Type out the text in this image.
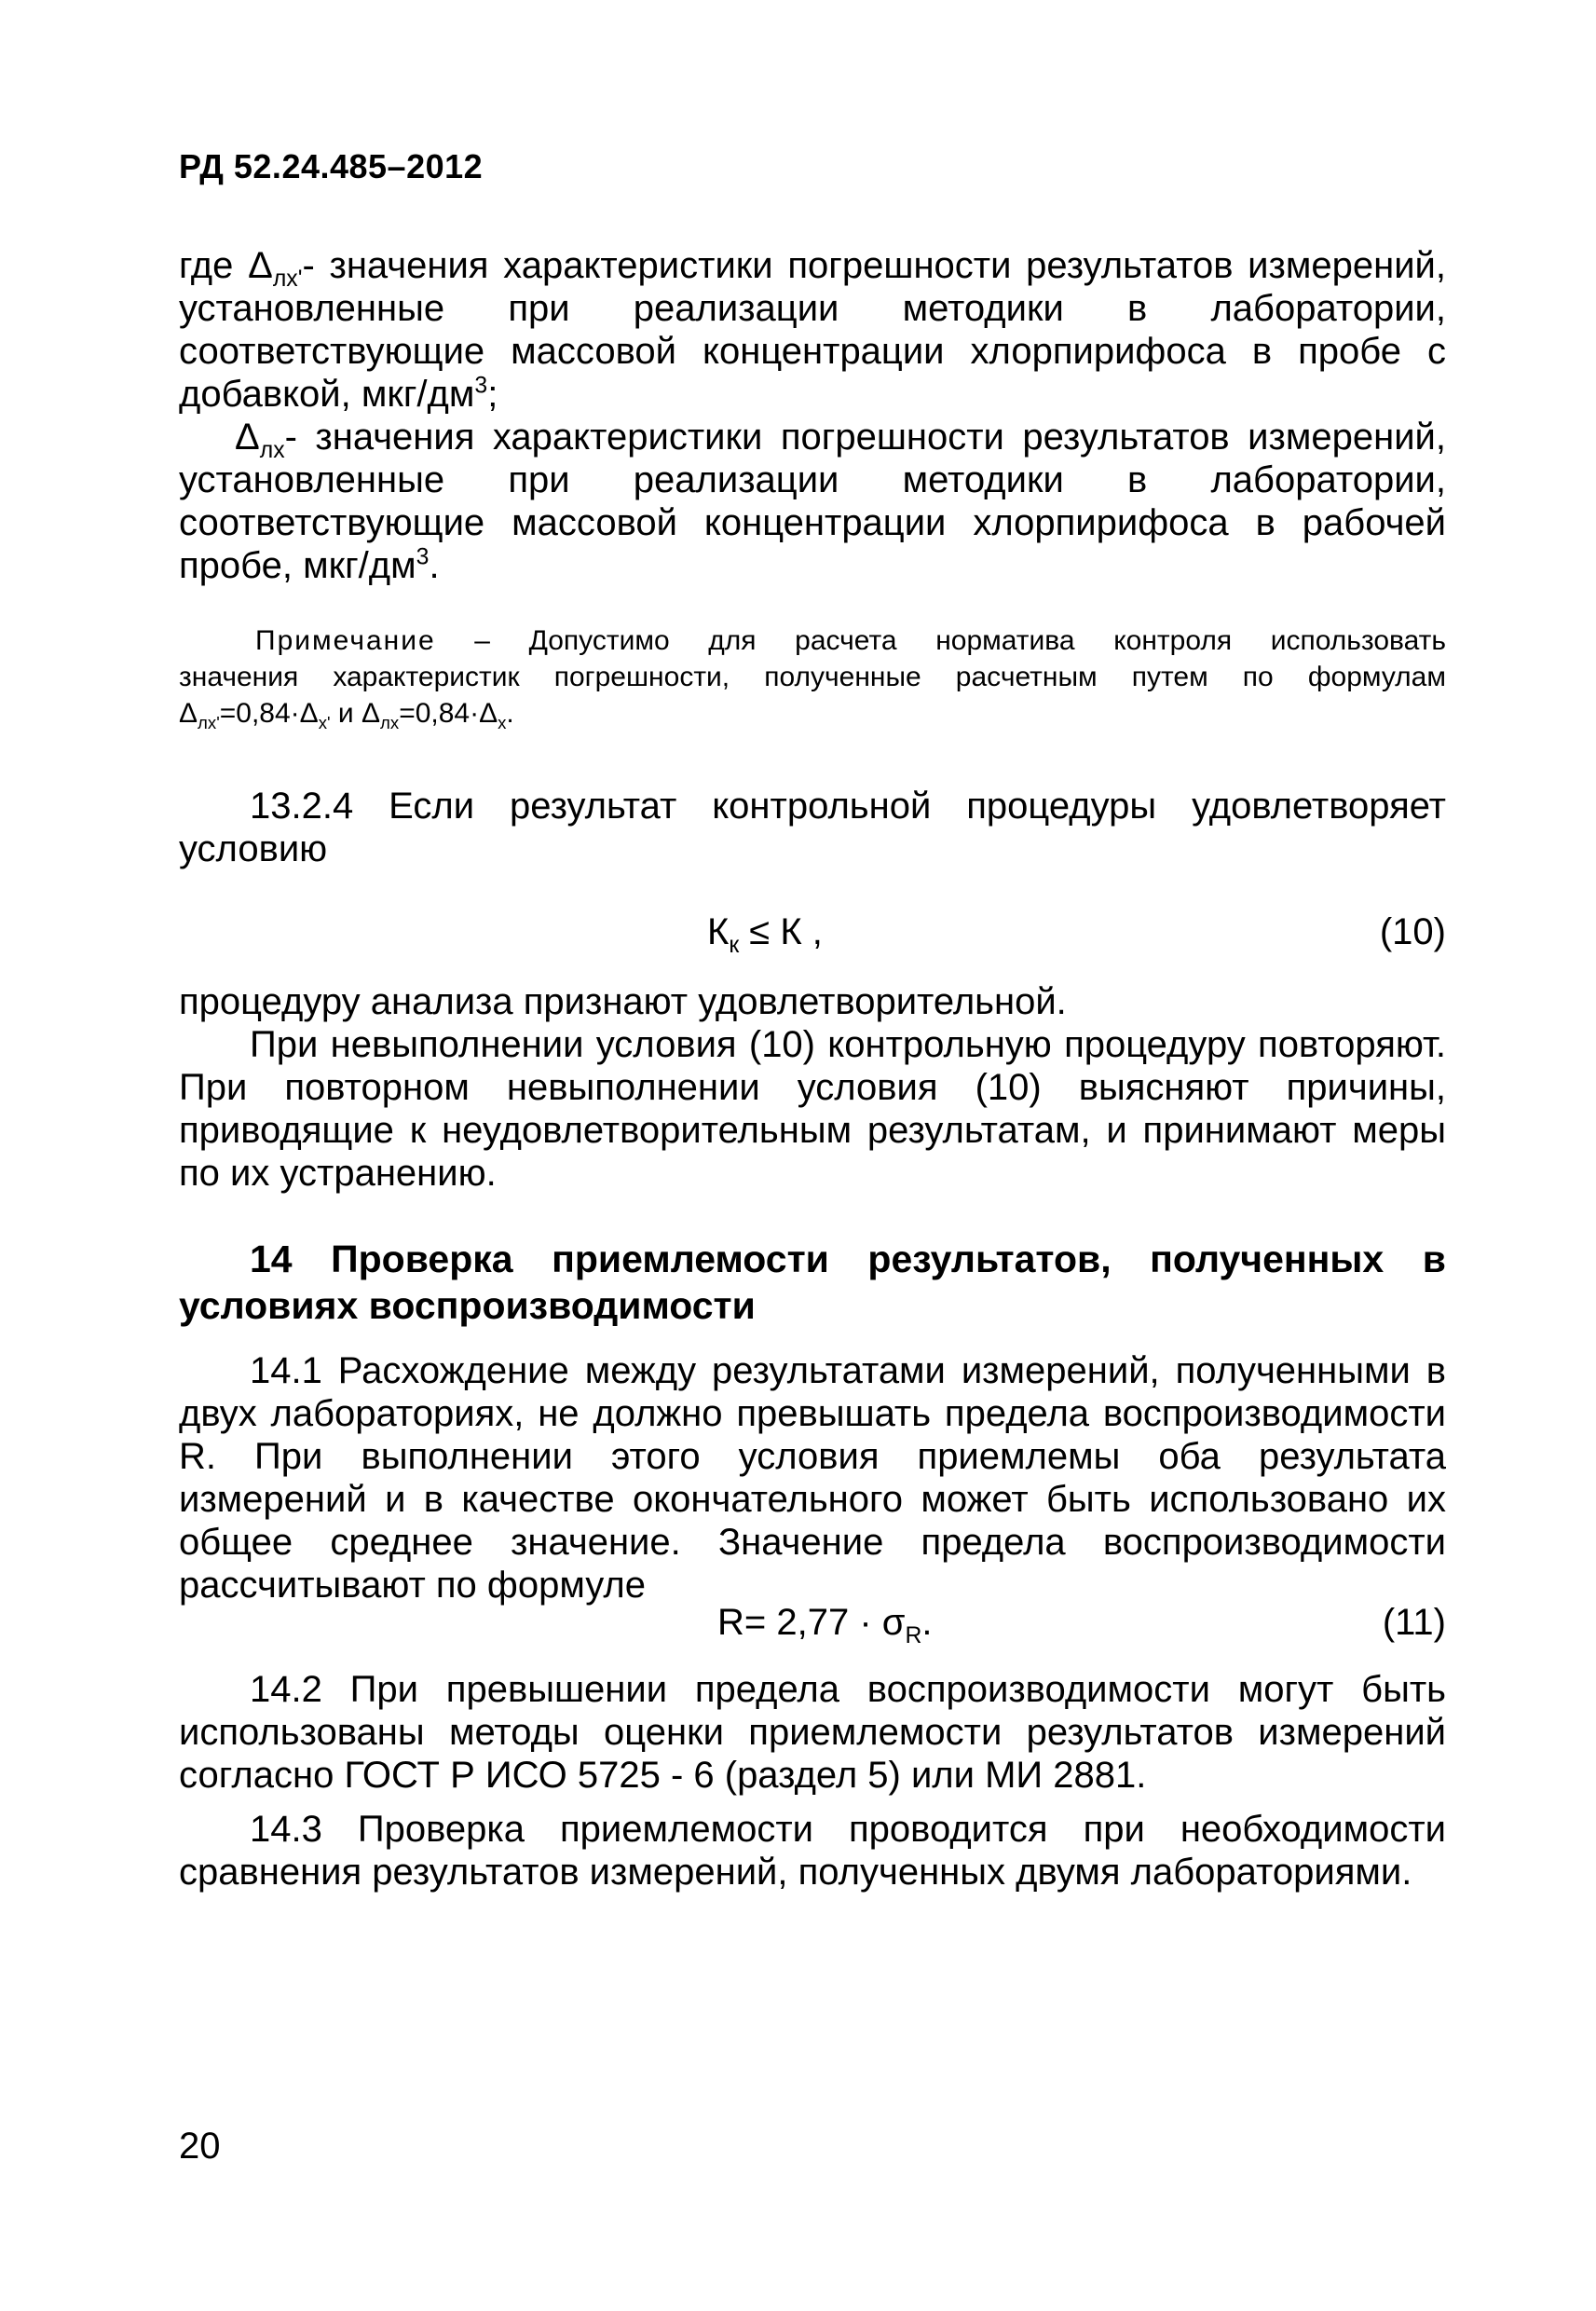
РД 52.24.485–2012

где $\Delta_{лх'}-$ значения характеристики погрешности результатов измерений,

установленные при реализации методики в лаборатории,

соответствующие массовой концентрации хлорпирифоса в пробе с

добавкой, мкг/$дм^3$;

$\Delta_{лх}-$ значения характеристики погрешности результатов измерений,

установленные при реализации методики в лаборатории,

соответствующие массовой концентрации хлорпирифоса в рабочей

пробе, мкг/$дм^3$.

Примечание – Допустимо для расчета норматива контроля использовать

значения характеристик погрешности, полученные расчетным путем по формулам

$\Delta_{лх'}=0,84\cdot\Delta_{х'}$ и $\Delta_{лх}=0,84\cdot\Delta_х$.

13.2.4 Если результат контрольной процедуры удовлетворяет

условию

$К_к \le К$ ,	(10)

процедуру анализа признают удовлетворительной.

При невыполнении условия (10) контрольную процедуру повторяют. При повторном невыполнении условия (10) выясняют причины, приводящие к неудовлетворительным результатам, и принимают меры по их устранению.

14 Проверка приемлемости результатов, полученных в условиях воспроизводимости

14.1 Расхождение между результатами измерений, полученными в двух лабораториях, не должно превышать предела воспроизводимости R. При выполнении этого условия приемлемы оба результата измерений и в качестве окончательного может быть использовано их общее среднее значение. Значение предела воспроизводимости рассчитывают по формуле

$R= 2,77 \cdot \sigma_R$.	(11)

14.2 При превышении предела воспроизводимости могут быть использованы методы оценки приемлемости результатов измерений согласно ГОСТ Р ИСО 5725 - 6 (раздел 5) или МИ 2881.

14.3 Проверка приемлемости проводится при необходимости сравнения результатов измерений, полученных двумя лабораториями.

20
